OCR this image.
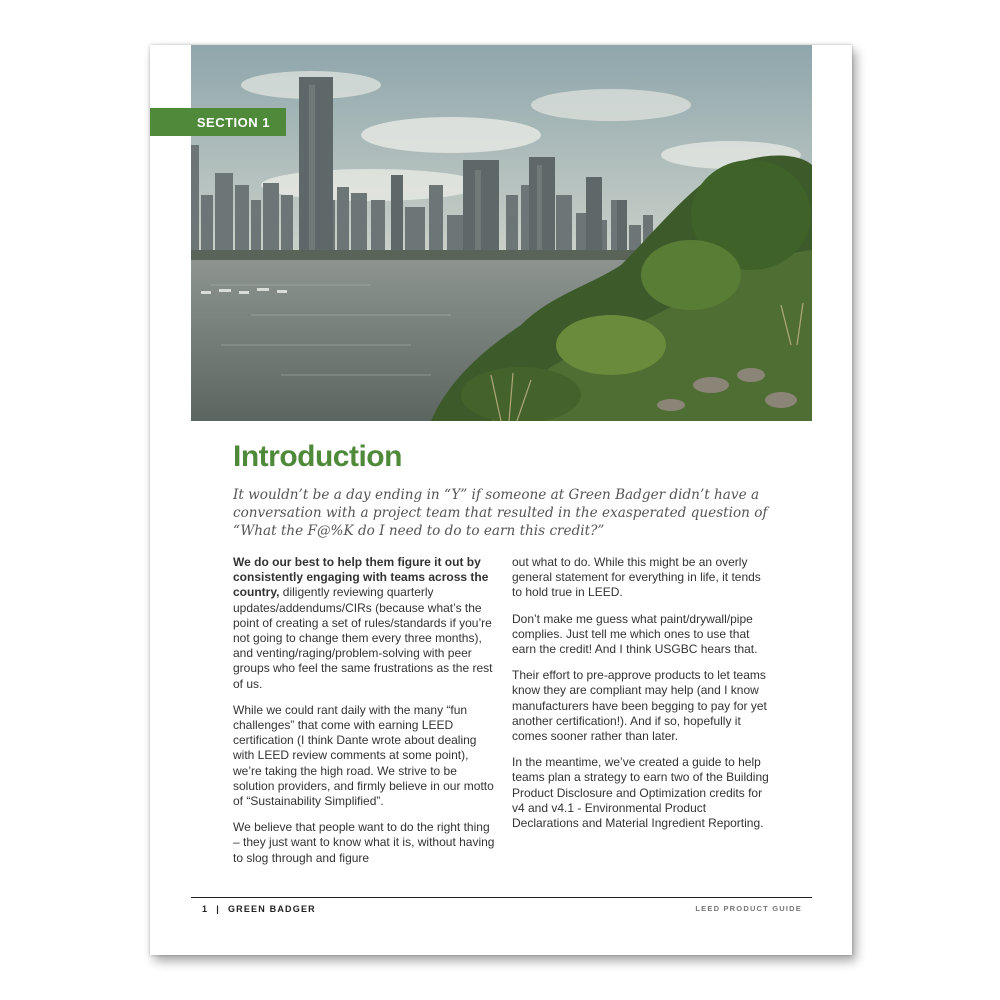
SECTION 1
Introduction

It wouldn’t be a day ending in “Y” if someone at Green Badger didn’t have a conversation with a project team that resulted in the exasperated question of “What the F@%K do I need to do to earn this credit?”

We do our best to help them figure it out by consistently engaging with teams across the country, diligently reviewing quarterly updates/addendums/CIRs (because what’s the point of creating a set of rules/standards if you’re not going to change them every three months), and venting/raging/problem-solving with peer groups who feel the same frustrations as the rest of us.

While we could rant daily with the many “fun challenges” that come with earning LEED certification (I think Dante wrote about dealing with LEED review comments at some point), we’re taking the high road. We strive to be solution providers, and firmly believe in our motto of “Sustainability Simplified”.

We believe that people want to do the right thing – they just want to know what it is, without having to slog through and figure

out what to do. While this might be an overly general statement for everything in life, it tends to hold true in LEED.

Don’t make me guess what paint/drywall/pipe complies. Just tell me which ones to use that earn the credit! And I think USGBC hears that.

Their effort to pre-approve products to let teams know they are compliant may help (and I know manufacturers have been begging to pay for yet another certification!). And if so, hopefully it comes sooner rather than later.

In the meantime, we’ve created a guide to help teams plan a strategy to earn two of the Building Product Disclosure and Optimization credits for v4 and v4.1 - Environmental Product Declarations and Material Ingredient Reporting.

1 | GREEN BADGER	LEED PRODUCT GUIDE
